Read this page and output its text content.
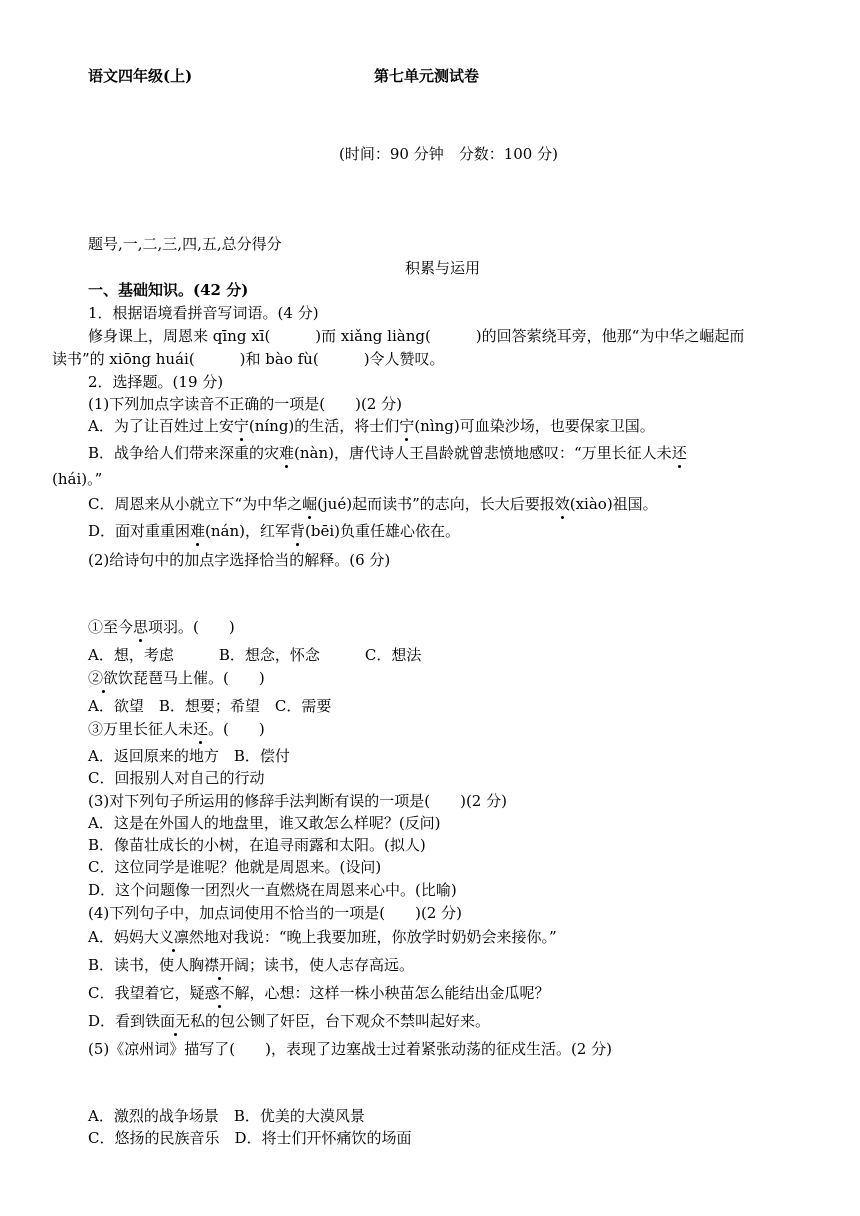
语文四年级(上)	第七单元测试卷
(时间：90 分钟　分数：100 分)
题号,一,二,三,四,五,总分得分
积累与运用
一、基础知识。(42 分)
1．根据语境看拼音写词语。(4 分)
修身课上，周恩来 qīng xī(　　　)而 xiǎng liàng(　　　)的回答萦绕耳旁，他那“为中华之崛起而
读书”的 xiōng huái(　　　)和 bào fù(　　　)令人赞叹。
2．选择题。(19 分)
(1)下列加点字读音不正确的一项是(　　)(2 分)
A．为了让百姓过上安宁(níng)的生活，将士们宁(nìng)可血染沙场，也要保家卫国。
B．战争给人们带来深重的灾难(nàn)，唐代诗人王昌龄就曾悲愤地感叹：“万里长征人未还
(hái)。”
C．周恩来从小就立下“为中华之崛(jué)起而读书”的志向，长大后要报效(xiào)祖国。
D．面对重重困难(nán)，红军背(bēi)负重任雄心依在。
(2)给诗句中的加点字选择恰当的解释。(6 分)
①至今思项羽。(　　)
A．想，考虑　　　B．想念，怀念　　　C．想法
②欲饮琵琶马上催。(　　)
A．欲望　B．想要；希望　C．需要
③万里长征人未还。(　　)
A．返回原来的地方　B．偿付
C．回报别人对自己的行动
(3)对下列句子所运用的修辞手法判断有误的一项是(　　)(2 分)
A．这是在外国人的地盘里，谁又敢怎么样呢？(反问)
B．像苗壮成长的小树，在追寻雨露和太阳。(拟人)
C．这位同学是谁呢？他就是周恩来。(设问)
D．这个问题像一团烈火一直燃烧在周恩来心中。(比喻)
(4)下列句子中，加点词使用不恰当的一项是(　　)(2 分)
A．妈妈大义凛然地对我说：“晚上我要加班，你放学时奶奶会来接你。”
B．读书，使人胸襟开阔；读书，使人志存高远。
C．我望着它，疑惑不解，心想：这样一株小秧苗怎么能结出金瓜呢？
D．看到铁面无私的包公铡了奸臣，台下观众不禁叫起好来。
(5)《凉州词》描写了(　　)，表现了边塞战士过着紧张动荡的征戍生活。(2 分)
A．激烈的战争场景　B．优美的大漠风景
C．悠扬的民族音乐　D．将士们开怀痛饮的场面
